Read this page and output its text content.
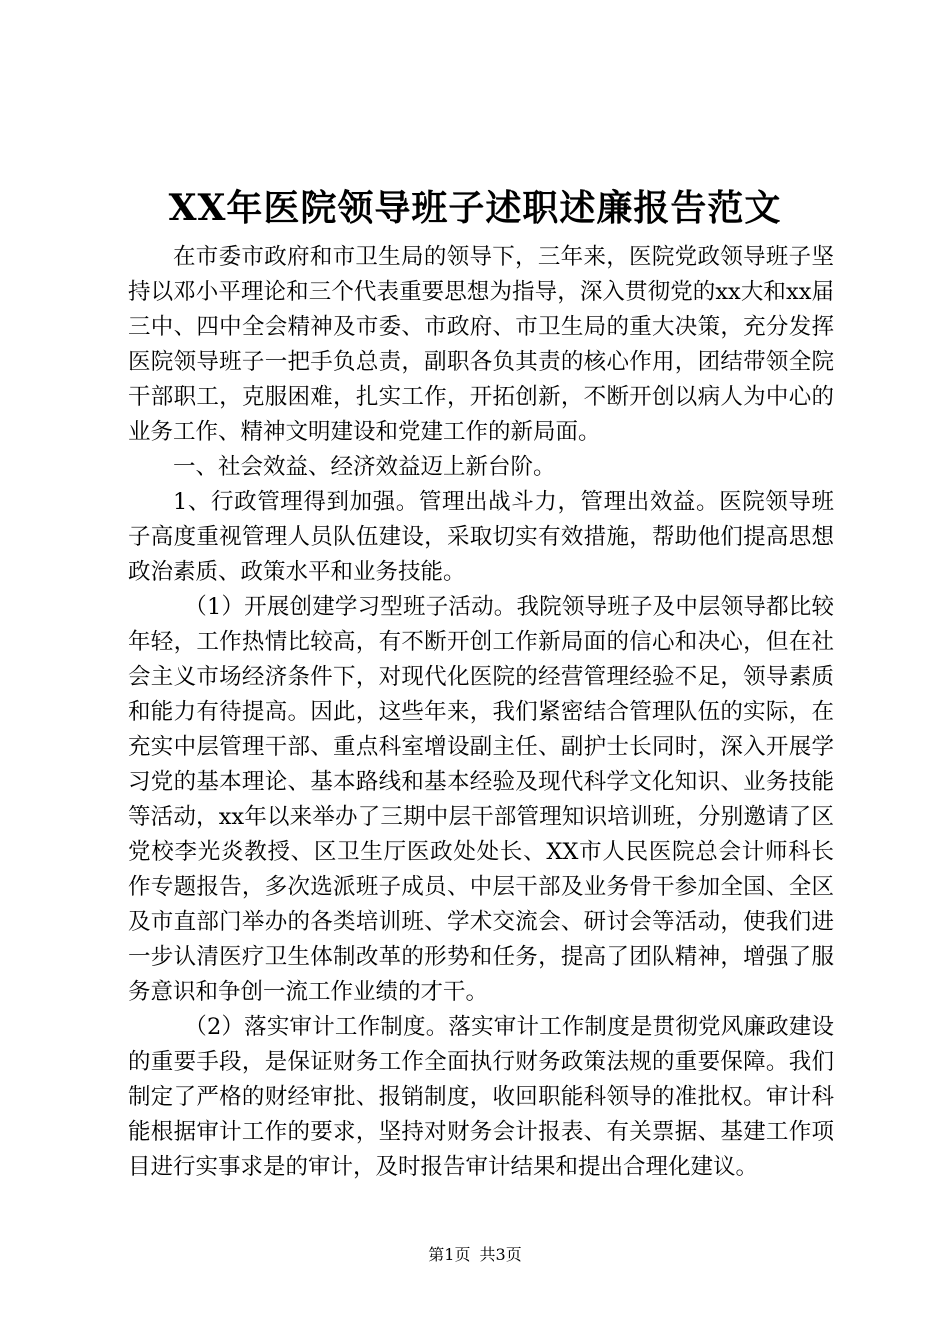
XX年医院领导班子述职述廉报告范文

在市委市政府和市卫生局的领导下，三年来，医院党政领导班子坚持以邓小平理论和三个代表重要思想为指导，深入贯彻党的xx大和xx届三中、四中全会精神及市委、市政府、市卫生局的重大决策，充分发挥医院领导班子一把手负总责，副职各负其责的核心作用，团结带领全院干部职工，克服困难，扎实工作，开拓创新，不断开创以病人为中心的业务工作、精神文明建设和党建工作的新局面。

一、社会效益、经济效益迈上新台阶。

1、行政管理得到加强。管理出战斗力，管理出效益。医院领导班子高度重视管理人员队伍建设，采取切实有效措施，帮助他们提高思想政治素质、政策水平和业务技能。

（1）开展创建学习型班子活动。我院领导班子及中层领导都比较年轻，工作热情比较高，有不断开创工作新局面的信心和决心，但在社会主义市场经济条件下，对现代化医院的经营管理经验不足，领导素质和能力有待提高。因此，这些年来，我们紧密结合管理队伍的实际，在充实中层管理干部、重点科室增设副主任、副护士长同时，深入开展学习党的基本理论、基本路线和基本经验及现代科学文化知识、业务技能等活动，xx年以来举办了三期中层干部管理知识培训班，分别邀请了区党校李光炎教授、区卫生厅医政处处长、XX市人民医院总会计师科长作专题报告，多次选派班子成员、中层干部及业务骨干参加全国、全区及市直部门举办的各类培训班、学术交流会、研讨会等活动，使我们进一步认清医疗卫生体制改革的形势和任务，提高了团队精神，增强了服务意识和争创一流工作业绩的才干。

（2）落实审计工作制度。落实审计工作制度是贯彻党风廉政建设的重要手段，是保证财务工作全面执行财务政策法规的重要保障。我们制定了严格的财经审批、报销制度，收回职能科领导的准批权。审计科能根据审计工作的要求，坚持对财务会计报表、有关票据、基建工作项目进行实事求是的审计，及时报告审计结果和提出合理化建议。

第1页 共3页
